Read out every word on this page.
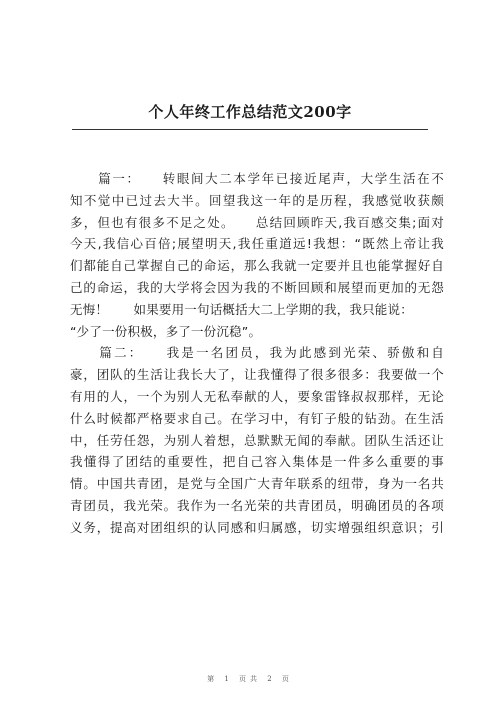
个人年终工作总结范文200字
　　篇一：　　转眼间大二本学年已接近尾声，大学生活在不
知不觉中已过去大半。回望我这一年的是历程，我感觉收获颇
多，但也有很多不足之处。　　总结回顾昨天,我百感交集;面对
今天,我信心百倍;展望明天,我任重道远!我想：“既然上帝让我
们都能自己掌握自己的命运，那么我就一定要并且也能掌握好自
己的命运，我的大学将会因为我的不断回顾和展望而更加的无怨
无悔！　　如果要用一句话概括大二上学期的我，我只能说：
“少了一份积极，多了一份沉稳”。
　　篇二：　　我是一名团员，我为此感到光荣、骄傲和自
豪，团队的生活让我长大了，让我懂得了很多很多：我要做一个
有用的人，一个为别人无私奉献的人，要象雷锋叔叔那样，无论
什么时候都严格要求自己。在学习中，有钉子般的钻劲。在生活
中，任劳任怨，为别人着想，总默默无闻的奉献。团队生活还让
我懂得了团结的重要性，把自己容入集体是一件多么重要的事
情。中国共青团，是党与全国广大青年联系的纽带，身为一名共
青团员，我光荣。我作为一名光荣的共青团员，明确团员的各项
义务，提高对团组织的认同感和归属感，切实增强组织意识；引
第 1 页共 2 页
